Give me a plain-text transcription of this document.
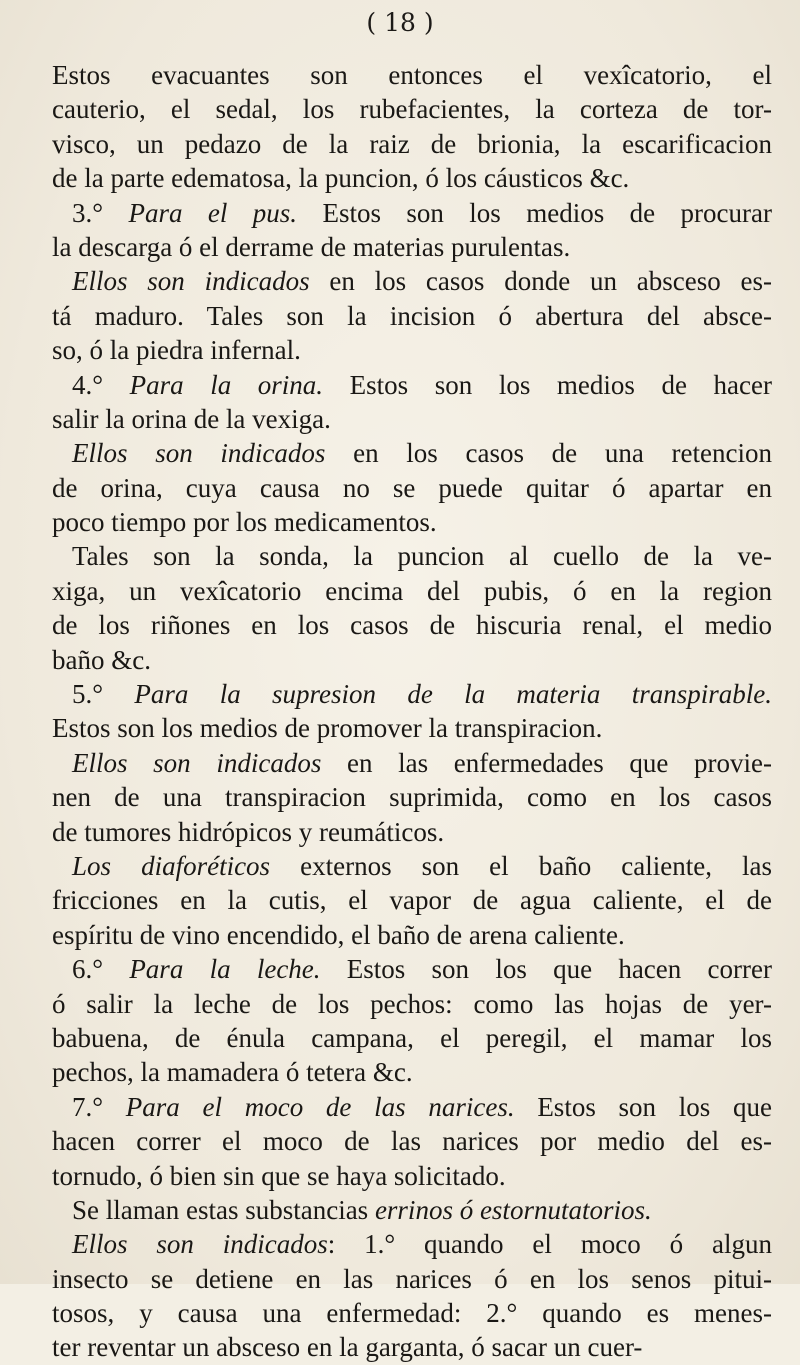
( 18 )
Estos evacuantes son entonces el vexîcatorio, el
cauterio, el sedal, los rubefacientes, la corteza de tor-
visco, un pedazo de la raiz de brionia, la escarificacion
de la parte edematosa, la puncion, ó los cáusticos &c.
3.° Para el pus. Estos son los medios de procurar
la descarga ó el derrame de materias purulentas.
Ellos son indicados en los casos donde un absceso es-
tá maduro. Tales son la incision ó abertura del absce-
so, ó la piedra infernal.
4.° Para la orina. Estos son los medios de hacer
salir la orina de la vexiga.
Ellos son indicados en los casos de una retencion
de orina, cuya causa no se puede quitar ó apartar en
poco tiempo por los medicamentos.
Tales son la sonda, la puncion al cuello de la ve-
xiga, un vexîcatorio encima del pubis, ó en la region
de los riñones en los casos de hiscuria renal, el medio
baño &c.
5.° Para la supresion de la materia transpirable.
Estos son los medios de promover la transpiracion.
Ellos son indicados en las enfermedades que provie-
nen de una transpiracion suprimida, como en los casos
de tumores hidrópicos y reumáticos.
Los diaforéticos externos son el baño caliente, las
fricciones en la cutis, el vapor de agua caliente, el de
espíritu de vino encendido, el baño de arena caliente.
6.° Para la leche. Estos son los que hacen correr
ó salir la leche de los pechos: como las hojas de yer-
babuena, de énula campana, el peregil, el mamar los
pechos, la mamadera ó tetera &c.
7.° Para el moco de las narices. Estos son los que
hacen correr el moco de las narices por medio del es-
tornudo, ó bien sin que se haya solicitado.
Se llaman estas substancias errinos ó estornutatorios.
Ellos son indicados: 1.° quando el moco ó algun
insecto se detiene en las narices ó en los senos pitui-
tosos, y causa una enfermedad: 2.° quando es menes-
ter reventar un absceso en la garganta, ó sacar un cuer-
